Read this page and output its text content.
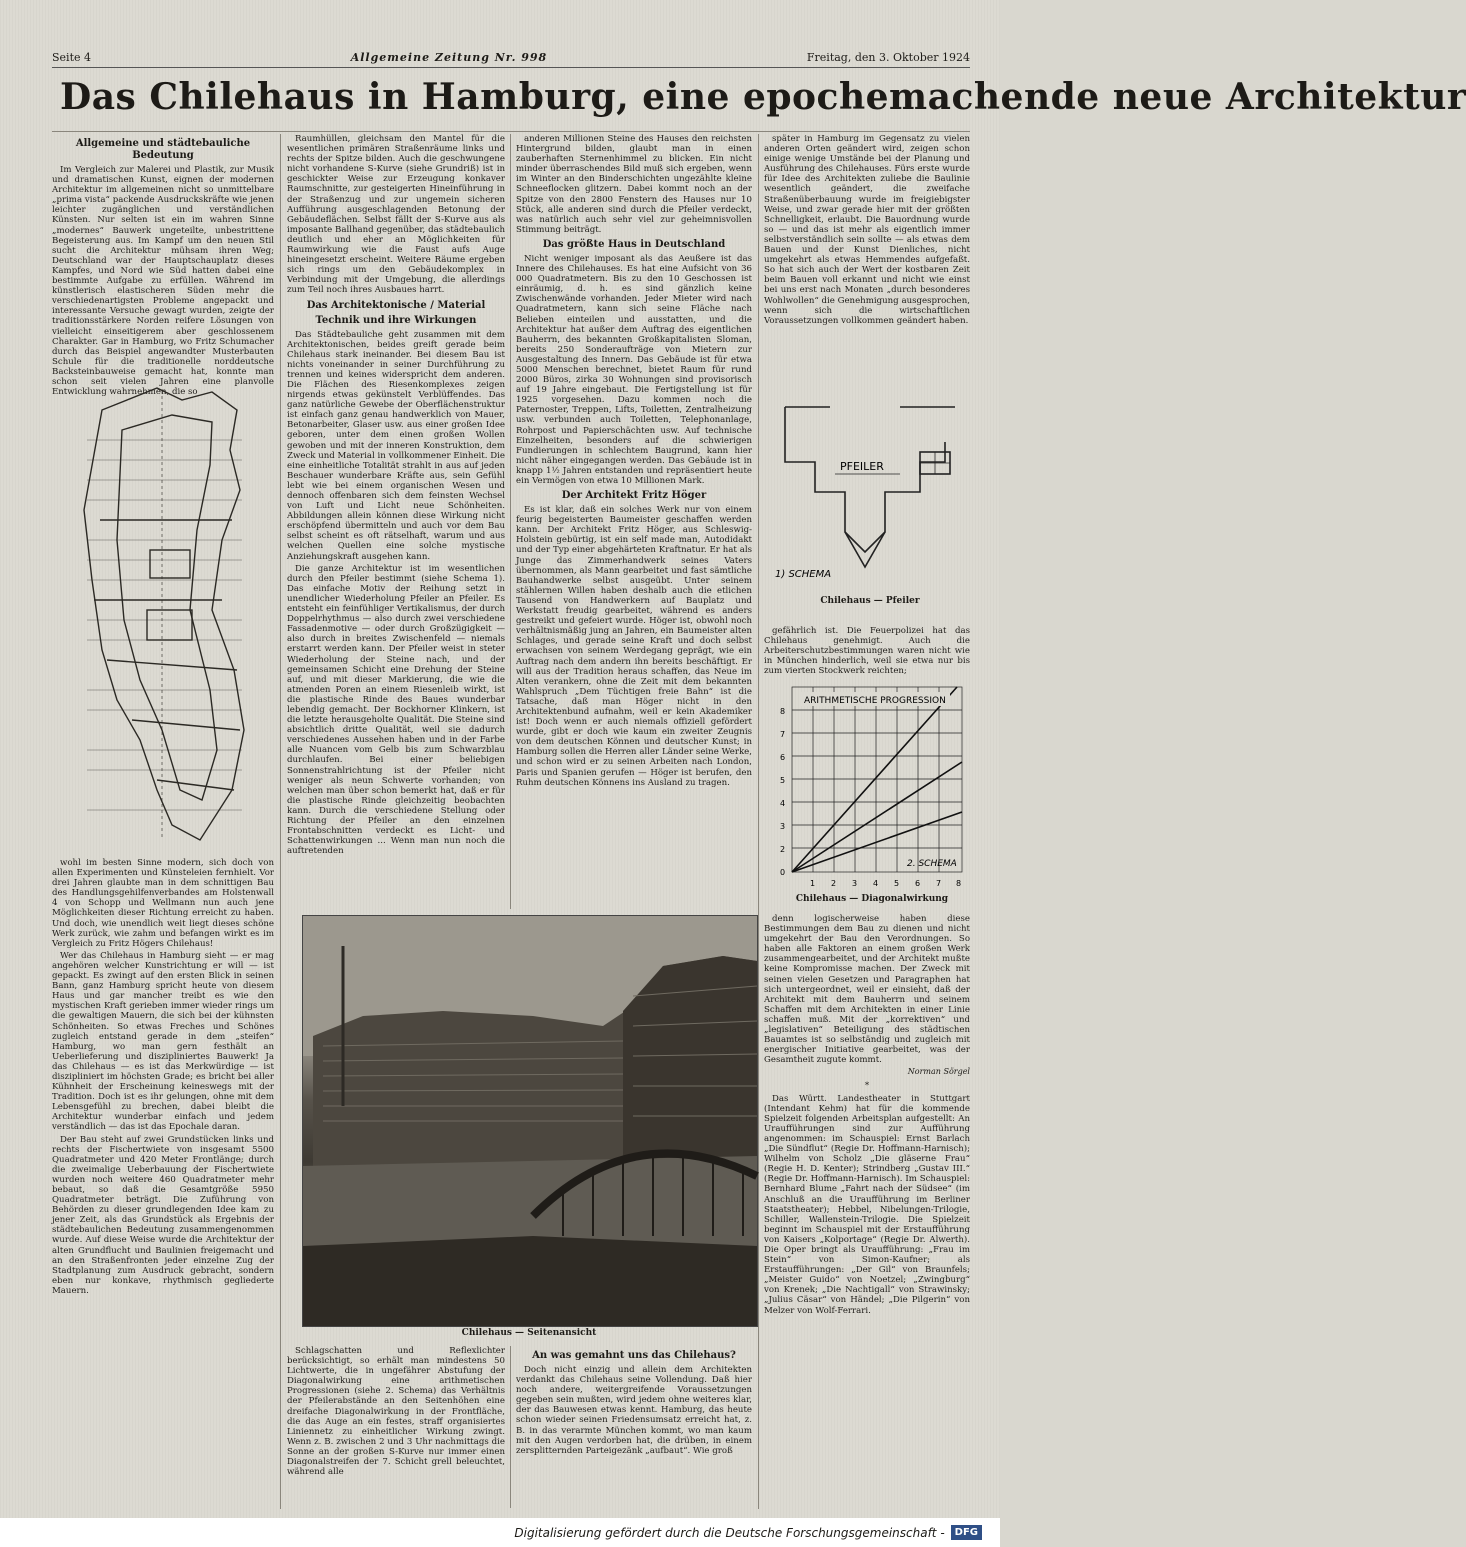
Seite 4	Allgemeine Zeitung Nr. 998	Freitag, den 3. Oktober 1924
Das Chilehaus in Hamburg, eine epochemachende neue Architektur
Allgemeine und städtebauliche Bedeutung

Im Vergleich zur Malerei und Plastik, zur Musik und dramatischen Kunst, eignen der modernen Architektur im allgemeinen nicht so unmittelbare „prima vista“ packende Ausdruckskräfte wie jenen leichter zugänglichen und verständlichen Künsten. Nur selten ist ein im wahren Sinne „modernes“ Bauwerk ungeteilte, unbestrittene Begeisterung aus. Im Kampf um den neuen Stil sucht die Architektur mühsam ihren Weg; Deutschland war der Hauptschauplatz dieses Kampfes, und Nord wie Süd hatten dabei eine bestimmte Aufgabe zu erfüllen. Während im künstlerisch elastischeren Süden mehr die verschiedenartigsten Probleme angepackt und interessante Versuche gewagt wurden, zeigte der traditionsstärkere Norden reifere Lösungen von vielleicht einseitigerem aber geschlossenem Charakter. Gar in Hamburg, wo Fritz Schumacher durch das Beispiel angewandter Musterbauten Schule für die traditionelle norddeutsche Backsteinbauweise gemacht hat, konnte man schon seit vielen Jahren eine planvolle Entwicklung wahrnehmen, die so

wohl im besten Sinne modern, sich doch von allen Experimenten und Künsteleien fernhielt. Vor drei Jahren glaubte man in dem schnittigen Bau des Handlungsgehilfenverbandes am Holstenwall 4 von Schopp und Wellmann nun auch jene Möglichkeiten dieser Richtung erreicht zu haben. Und doch, wie unendlich weit liegt dieses schöne Werk zurück, wie zahm und befangen wirkt es im Vergleich zu Fritz Högers Chilehaus!

Wer das Chilehaus in Hamburg sieht — er mag angehören welcher Kunstrichtung er will — ist gepackt. Es zwingt auf den ersten Blick in seinen Bann, ganz Hamburg spricht heute von diesem Haus und gar mancher treibt es wie den mystischen Kraft gerieben immer wieder rings um die gewaltigen Mauern, die sich bei der kühnsten Schönheiten. So etwas Freches und Schönes zugleich entstand gerade in dem „steifen“ Hamburg, wo man gern festhält an Ueberlieferung und diszipliniertes Bauwerk! Ja das Chilehaus — es ist das Merkwürdige — ist diszipliniert im höchsten Grade; es bricht bei aller Kühnheit der Erscheinung keineswegs mit der Tradition. Doch ist es ihr gelungen, ohne mit dem Lebensgefühl zu brechen, dabei bleibt die Architektur wunderbar einfach und jedem verständlich — das ist das Epochale daran.

Der Bau steht auf zwei Grundstücken links und rechts der Fischertwiete von insgesamt 5500 Quadratmeter und 420 Meter Frontlänge; durch die zweimalige Ueberbauung der Fischertwiete wurden noch weitere 460 Quadratmeter mehr bebaut, so daß die Gesamtgröße 5950 Quadratmeter beträgt. Die Zuführung von Behörden zu dieser grundlegenden Idee kam zu jener Zeit, als das Grundstück als Ergebnis der städtebaulichen Bedeutung zusammengenommen wurde. Auf diese Weise wurde die Architektur der alten Grundflucht und Baulinien freigemacht und an den Straßenfronten jeder einzelne Zug der Stadtplanung zum Ausdruck gebracht, sondern eben nur konkave, rhythmisch gegliederte Mauern.

Raumhüllen, gleichsam den Mantel für die wesentlichen primären Straßenräume links und rechts der Spitze bilden. Auch die geschwungene nicht vorhandene S-Kurve (siehe Grundriß) ist in geschickter Weise zur Erzeugung konkaver Raumschnitte, zur gesteigerten Hineinführung in der Straßenzug und zur ungemein sicheren Aufführung ausgeschlagenden Betonung der Gebäudeflächen. Selbst fällt der S-Kurve aus als imposante Ballhand gegenüber, das städtebaulich deutlich und eher an Möglichkeiten für Raumwirkung wie die Faust aufs Auge hineingesetzt erscheint. Weitere Räume ergeben sich rings um den Gebäudekomplex in Verbindung mit der Umgebung, die allerdings zum Teil noch ihres Ausbaues harrt.

Das Architektonische / Material
Technik und ihre Wirkungen

Das Städtebauliche geht zusammen mit dem Architektonischen, beides greift gerade beim Chilehaus stark ineinander. Bei diesem Bau ist nichts voneinander in seiner Durchführung zu trennen und keines widerspricht dem anderen. Die Flächen des Riesenkomplexes zeigen nirgends etwas gekünstelt Verblüffendes. Das ganz natürliche Gewebe der Oberflächenstruktur ist einfach ganz genau handwerklich von Mauer, Betonarbeiter, Glaser usw. aus einer großen Idee geboren, unter dem einen großen Wollen gewoben und mit der inneren Konstruktion, dem Zweck und Material in vollkommener Einheit. Die eine einheitliche Totalität strahlt in aus auf jeden Beschauer wunderbare Kräfte aus, sein Gefühl lebt wie bei einem organischen Wesen und dennoch offenbaren sich dem feinsten Wechsel von Luft und Licht neue Schönheiten. Abbildungen allein können diese Wirkung nicht erschöpfend übermitteln und auch vor dem Bau selbst scheint es oft rätselhaft, warum und aus welchen Quellen eine solche mystische Anziehungskraft ausgehen kann.

Die ganze Architektur ist im wesentlichen durch den Pfeiler bestimmt (siehe Schema 1). Das einfache Motiv der Reihung setzt in unendlicher Wiederholung Pfeiler an Pfeiler. Es entsteht ein feinfühliger Vertikalismus, der durch Doppelrhythmus — also durch zwei verschiedene Fassadenmotive — oder durch Großzügigkeit — also durch in breites Zwischenfeld — niemals erstarrt werden kann. Der Pfeiler weist in steter Wiederholung der Steine nach, und der gemeinsamen Schicht eine Drehung der Steine auf, und mit dieser Markierung, die wie die atmenden Poren an einem Riesenleib wirkt, ist die plastische Rinde des Baues wunderbar lebendig gemacht. Der Bockhorner Klinkern, ist die letzte herausgeholte Qualität. Die Steine sind absichtlich dritte Qualität, weil sie dadurch verschiedenes Aussehen haben und in der Farbe alle Nuancen vom Gelb bis zum Schwarzblau durchlaufen. Bei einer beliebigen Sonnenstrahlrichtung ist der Pfeiler nicht weniger als neun Schwerte vorhanden; von welchen man über schon bemerkt hat, daß er für die plastische Rinde gleichzeitig beobachten kann. Durch die verschiedene Stellung oder Richtung der Pfeiler an den einzelnen Frontabschnitten verdeckt es Licht- und Schattenwirkungen ... Wenn man nun noch die auftretenden

anderen Millionen Steine des Hauses den reichsten Hintergrund bilden, glaubt man in einen zauberhaften Sternenhimmel zu blicken. Ein nicht minder überraschendes Bild muß sich ergeben, wenn im Winter an den Binderschichten ungezählte kleine Schneeflocken glitzern. Dabei kommt noch an der Spitze von den 2800 Fenstern des Hauses nur 10 Stück, alle anderen sind durch die Pfeiler verdeckt, was natürlich auch sehr viel zur geheimnisvollen Stimmung beiträgt.

Das größte Haus in Deutschland

Nicht weniger imposant als das Aeußere ist das Innere des Chilehauses. Es hat eine Aufsicht von 36 000 Quadratmetern. Bis zu den 10 Geschossen ist einräumig, d. h. es sind gänzlich keine Zwischenwände vorhanden. Jeder Mieter wird nach Quadratmetern, kann sich seine Fläche nach Belieben einteilen und ausstatten, und die Architektur hat außer dem Auftrag des eigentlichen Bauherrn, des bekannten Großkapitalisten Sloman, bereits 250 Sonderaufträge von Mietern zur Ausgestaltung des Innern. Das Gebäude ist für etwa 5000 Menschen berechnet, bietet Raum für rund 2000 Büros, zirka 30 Wohnungen sind provisorisch auf 19 Jahre eingebaut. Die Fertigstellung ist für 1925 vorgesehen. Dazu kommen noch die Paternoster, Treppen, Lifts, Toiletten, Zentralheizung usw. verbunden auch Toiletten, Telephonanlage, Rohrpost und Papierschächten usw. Auf technische Einzelheiten, besonders auf die schwierigen Fundierungen in schlechtem Baugrund, kann hier nicht näher eingegangen werden. Das Gebäude ist in knapp 1½ Jahren entstanden und repräsentiert heute ein Vermögen von etwa 10 Millionen Mark.

Der Architekt Fritz Höger

Es ist klar, daß ein solches Werk nur von einem feurig begeisterten Baumeister geschaffen werden kann. Der Architekt Fritz Höger, aus Schleswig-Holstein gebürtig, ist ein self made man, Autodidakt und der Typ einer abgehärteten Kraftnatur. Er hat als Junge das Zimmerhandwerk seines Vaters übernommen, als Mann gearbeitet und fast sämtliche Bauhandwerke selbst ausgeübt. Unter seinem stählernen Willen haben deshalb auch die etlichen Tausend von Handwerkern auf Bauplatz und Werkstatt freudig gearbeitet, während es anders gestreikt und gefeiert wurde. Höger ist, obwohl noch verhältnismäßig jung an Jahren, ein Baumeister alten Schlages, und gerade seine Kraft und doch selbst erwachsen von seinem Werdegang geprägt, wie ein Auftrag nach dem andern ihn bereits beschäftigt. Er will aus der Tradition heraus schaffen, das Neue im Alten verankern, ohne die Zeit mit dem bekannten Wahlspruch „Dem Tüchtigen freie Bahn“ ist die Tatsache, daß man Höger nicht in den Architektenbund aufnahm, weil er kein Akademiker ist! Doch wenn er auch niemals offiziell gefördert wurde, gibt er doch wie kaum ein zweiter Zeugnis von dem deutschen Können und deutscher Kunst; in Hamburg sollen die Herren aller Länder seine Werke, und schon wird er zu seinen Arbeiten nach London, Paris und Spanien gerufen — Höger ist berufen, den Ruhm deutschen Könnens ins Ausland zu tragen.

später in Hamburg im Gegensatz zu vielen anderen Orten geändert wird, zeigen schon einige wenige Umstände bei der Planung und Ausführung des Chilehauses. Fürs erste wurde für Idee des Architekten zuliebe die Baulinie wesentlich geändert, die zweifache Straßenüberbauung wurde im freigiebigster Weise, und zwar gerade hier mit der größten Schnelligkeit, erlaubt. Die Bauordnung wurde so — und das ist mehr als eigentlich immer selbstverständlich sein sollte — als etwas dem Bauen und der Kunst Dienliches, nicht umgekehrt als etwas Hemmendes aufgefaßt. So hat sich auch der Wert der kostbaren Zeit beim Bauen voll erkannt und nicht wie einst bei uns erst nach Monaten „durch besonderes Wohlwollen“ die Genehmigung ausgesprochen, wenn sich die wirtschaftlichen Voraussetzungen vollkommen geändert haben.

PFEILER
1) SCHEMA
Chilehaus — Pfeiler

gefährlich ist. Die Feuerpolizei hat das Chilehaus genehmigt. Auch die Arbeiterschutzbestimmungen waren nicht wie in München hinderlich, weil sie etwa nur bis zum vierten Stockwerk reichten;

ARITHMETISCHE PROGRESSION
2. SCHEMA
8
7
6
5
4
3
2
0
1 2 3 4 5 6 7 8
Chilehaus — Diagonalwirkung

denn logischerweise haben diese Bestimmungen dem Bau zu dienen und nicht umgekehrt der Bau den Verordnungen. So haben alle Faktoren an einem großen Werk zusammengearbeitet, und der Architekt mußte keine Kompromisse machen. Der Zweck mit seinen vielen Gesetzen und Paragraphen hat sich untergeordnet, weil er einsieht, daß der Architekt mit dem Bauherrn und seinem Schaffen mit dem Architekten in einer Linie schaffen muß. Mit der „korrektiven“ und „legislativen“ Beteiligung des städtischen Bauamtes ist so selbständig und zugleich mit energischer Initiative gearbeitet, was der Gesamtheit zugute kommt.

Norman Sörgel
*

Das Württ. Landestheater in Stuttgart (Intendant Kehm) hat für die kommende Spielzeit folgenden Arbeitsplan aufgestellt: An Uraufführungen sind zur Aufführung angenommen: im Schauspiel: Ernst Barlach „Die Sündflut“ (Regie Dr. Hoffmann-Harnisch); Wilhelm von Scholz „Die gläserne Frau“ (Regie H. D. Kenter); Strindberg „Gustav III.“ (Regie Dr. Hoffmann-Harnisch). Im Schauspiel: Bernhard Blume „Fahrt nach der Südsee“ (im Anschluß an die Uraufführung im Berliner Staatstheater); Hebbel, Nibelungen-Trilogie, Schiller, Wallenstein-Trilogie. Die Spielzeit beginnt im Schauspiel mit der Erstaufführung von Kaisers „Kolportage“ (Regie Dr. Alwerth). Die Oper bringt als Uraufführung: „Frau im Stein“ von Simon-Kaufner; als Erstaufführungen: „Der Gil“ von Braunfels; „Meister Guido“ von Noetzel; „Zwingburg“ von Krenek; „Die Nachtigall“ von Strawinsky; „Julius Cäsar“ von Händel; „Die Pilgerin“ von Melzer von Wolf-Ferrari.

Chilehaus — Seitenansicht

Schlagschatten und Reflexlichter berücksichtigt, so erhält man mindestens 50 Lichtwerte, die in ungefährer Abstufung der Diagonalwirkung eine arithmetischen Progressionen (siehe 2. Schema) das Verhältnis der Pfeilerabstände an den Seitenhöhen eine dreifache Diagonalwirkung in der Frontfläche, die das Auge an ein festes, straff organisiertes Liniennetz zu einheitlicher Wirkung zwingt. Wenn z. B. zwischen 2 und 3 Uhr nachmittags die Sonne an der großen S-Kurve nur immer einen Diagonalstreifen der 7. Schicht grell beleuchtet, während alle

An was gemahnt uns das Chilehaus?

Doch nicht einzig und allein dem Architekten verdankt das Chilehaus seine Vollendung. Daß hier noch andere, weitergreifende Voraussetzungen gegeben sein mußten, wird jedem ohne weiteres klar, der das Bauwesen etwas kennt. Hamburg, das heute schon wieder seinen Friedensumsatz erreicht hat, z. B. in das verarmte München kommt, wo man kaum mit den Augen verdorben hat, die drüben, in einem zersplitternden Parteigezänk „aufbaut“. Wie groß

Digitalisierung gefördert durch die Deutsche Forschungsgemeinschaft -	DFG
